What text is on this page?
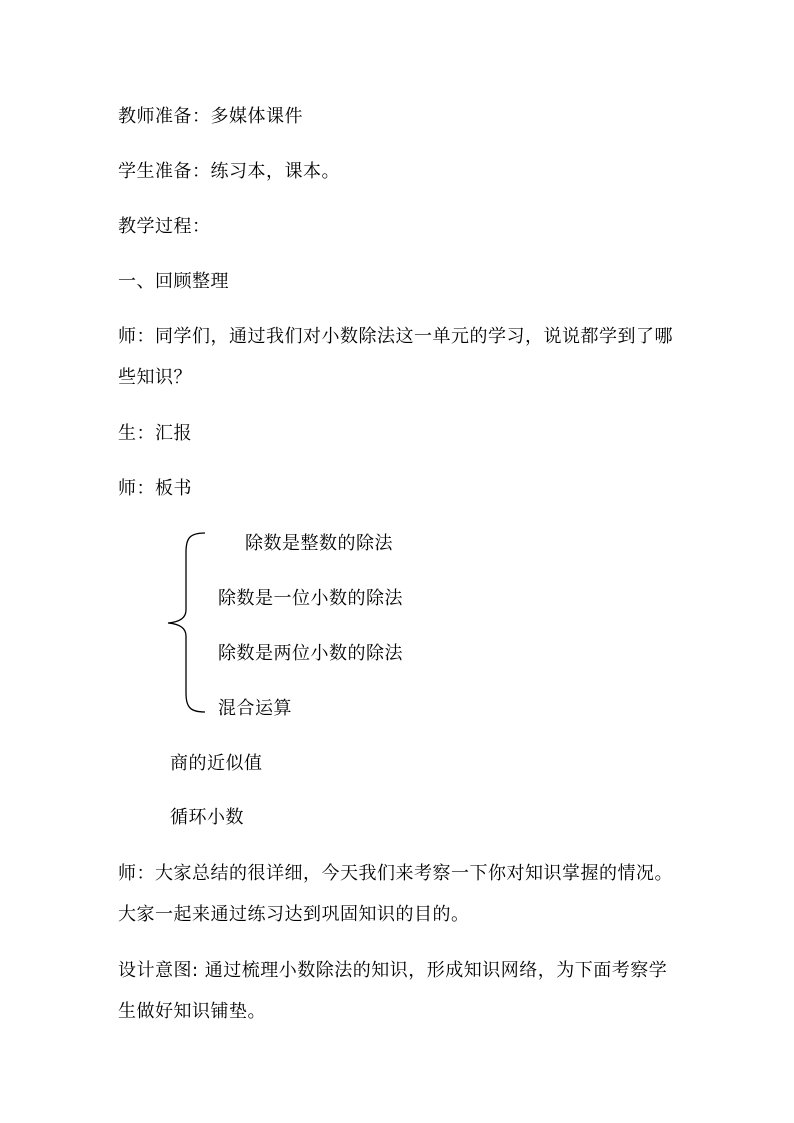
教师准备：多媒体课件
学生准备：练习本，课本。
教学过程：
一、回顾整理
师：同学们，通过我们对小数除法这一单元的学习，说说都学到了哪
些知识？
生：汇报
师：板书
除数是整数的除法
除数是一位小数的除法
除数是两位小数的除法
混合运算
商的近似值
循环小数
师：大家总结的很详细，今天我们来考察一下你对知识掌握的情况。
大家一起来通过练习达到巩固知识的目的。
设计意图: 通过梳理小数除法的知识，形成知识网络，为下面考察学
生做好知识铺垫。
